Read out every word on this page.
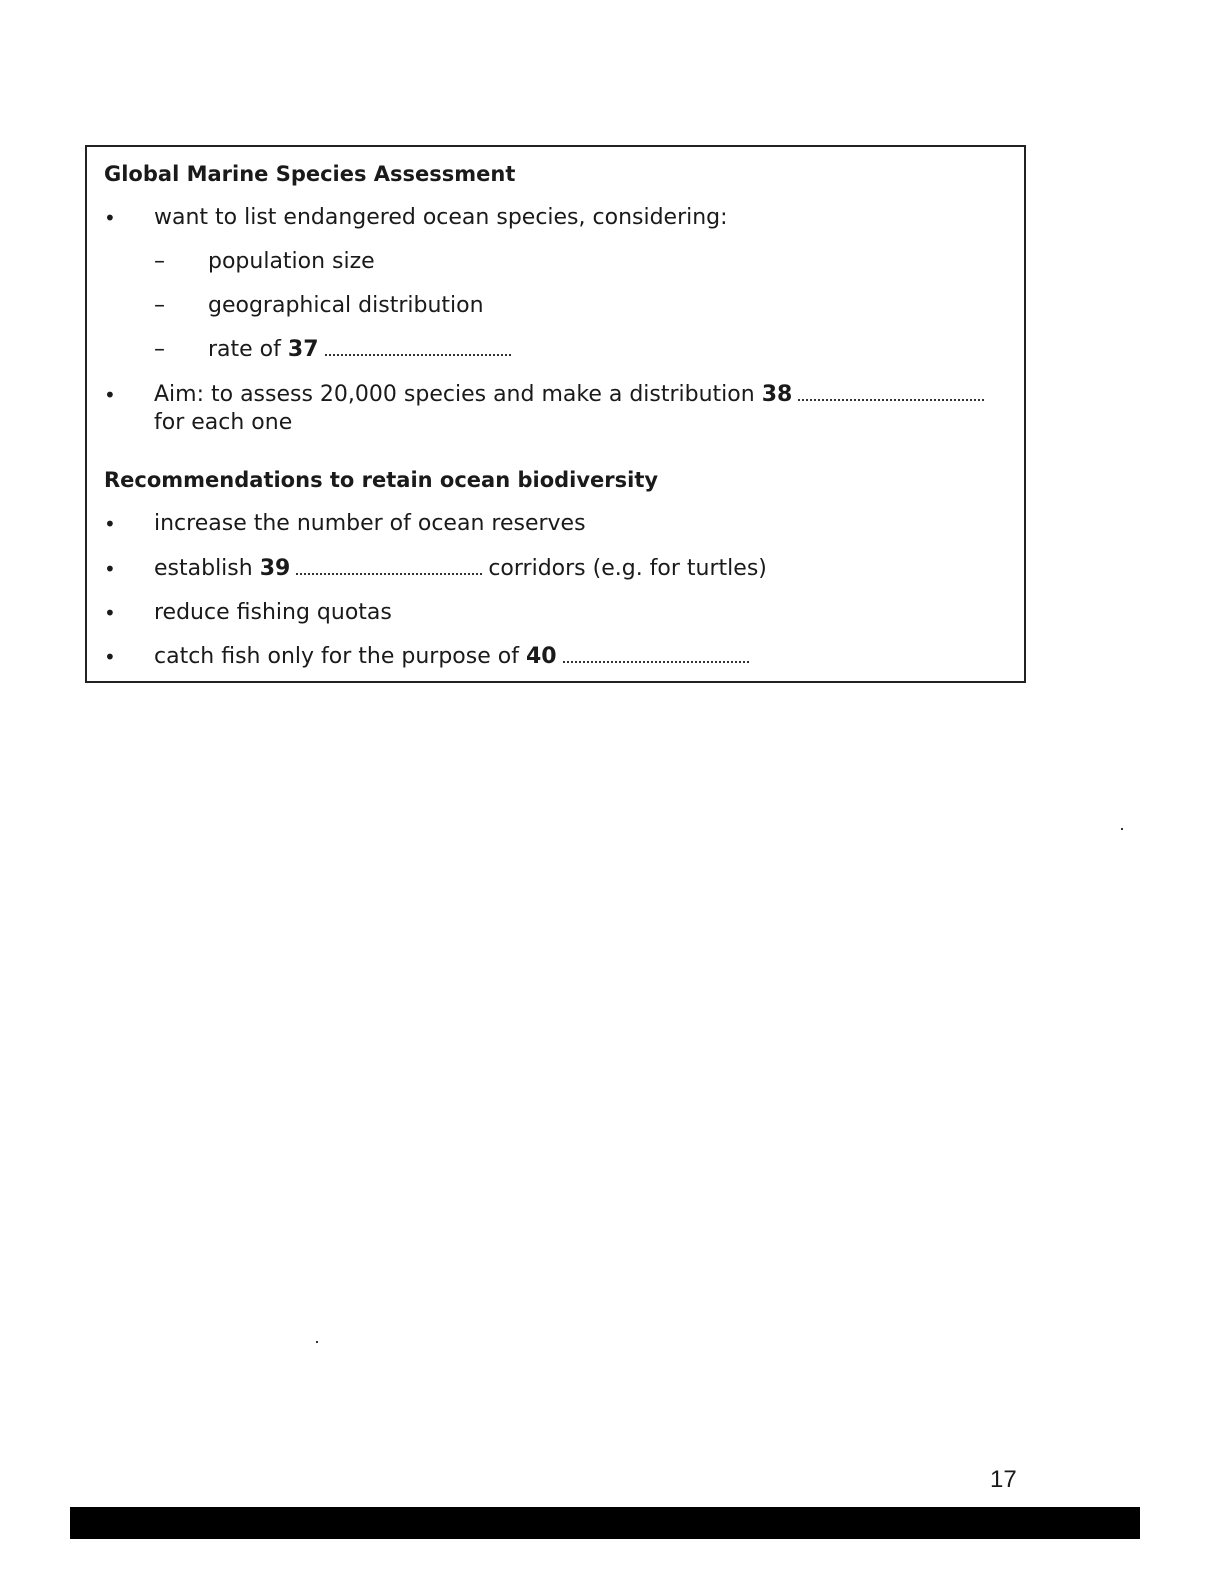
Global Marine Species Assessment
• want to list endangered ocean species, considering:
– population size
– geographical distribution
– rate of 37
• Aim: to assess 20,000 species and make a distribution 38
for each one
Recommendations to retain ocean biodiversity
• increase the number of ocean reserves
• establish 39	corridors (e.g. for turtles)
• reduce fishing quotas
• catch fish only for the purpose of 40
17
